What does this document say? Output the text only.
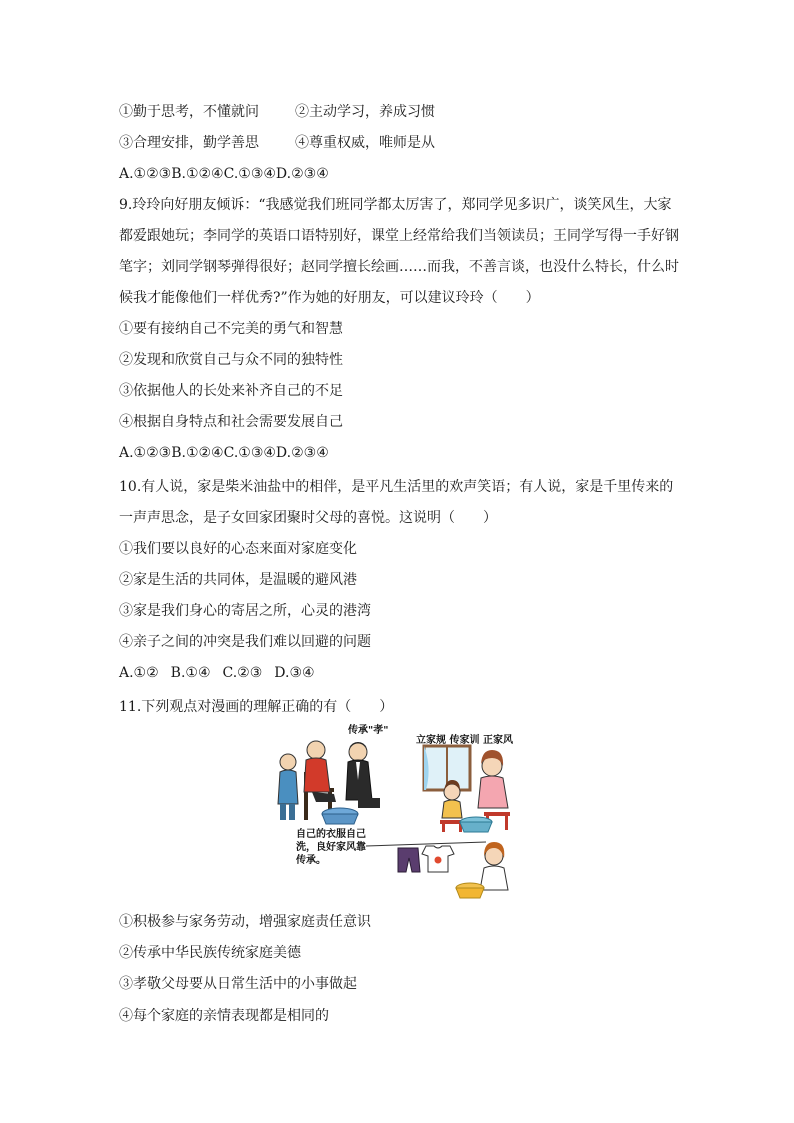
①勤于思考，不懂就问	②主动学习，养成习惯
③合理安排，勤学善思	④尊重权威，唯师是从
A.①②③B.①②④C.①③④D.②③④
9.玲玲向好朋友倾诉：“我感觉我们班同学都太厉害了，郑同学见多识广，谈笑风生，大家
都爱跟她玩；李同学的英语口语特别好，课堂上经常给我们当领读员；王同学写得一手好钢
笔字；刘同学钢琴弹得很好；赵同学擅长绘画……而我，不善言谈，也没什么特长，什么时
候我才能像他们一样优秀?”作为她的好朋友，可以建议玲玲（　　）
①要有接纳自己不完美的勇气和智慧
②发现和欣赏自己与众不同的独特性
③依据他人的长处来补齐自己的不足
④根据自身特点和社会需要发展自己
A.①②③B.①②④C.①③④D.②③④
10.有人说，家是柴米油盐中的相伴，是平凡生活里的欢声笑语；有人说，家是千里传来的
一声声思念，是子女回家团聚时父母的喜悦。这说明（　　）
①我们要以良好的心态来面对家庭变化
②家是生活的共同体，是温暖的避风港
③家是我们身心的寄居之所，心灵的港湾
④亲子之间的冲突是我们难以回避的问题
A.①② B.①④ C.②③ D.③④
11.下列观点对漫画的理解正确的有（　　）
传承"孝"
立家规 传家训 正家风
自己的衣服自己
洗，良好家风靠
传承。
①积极参与家务劳动，增强家庭责任意识
②传承中华民族传统家庭美德
③孝敬父母要从日常生活中的小事做起
④每个家庭的亲情表现都是相同的
